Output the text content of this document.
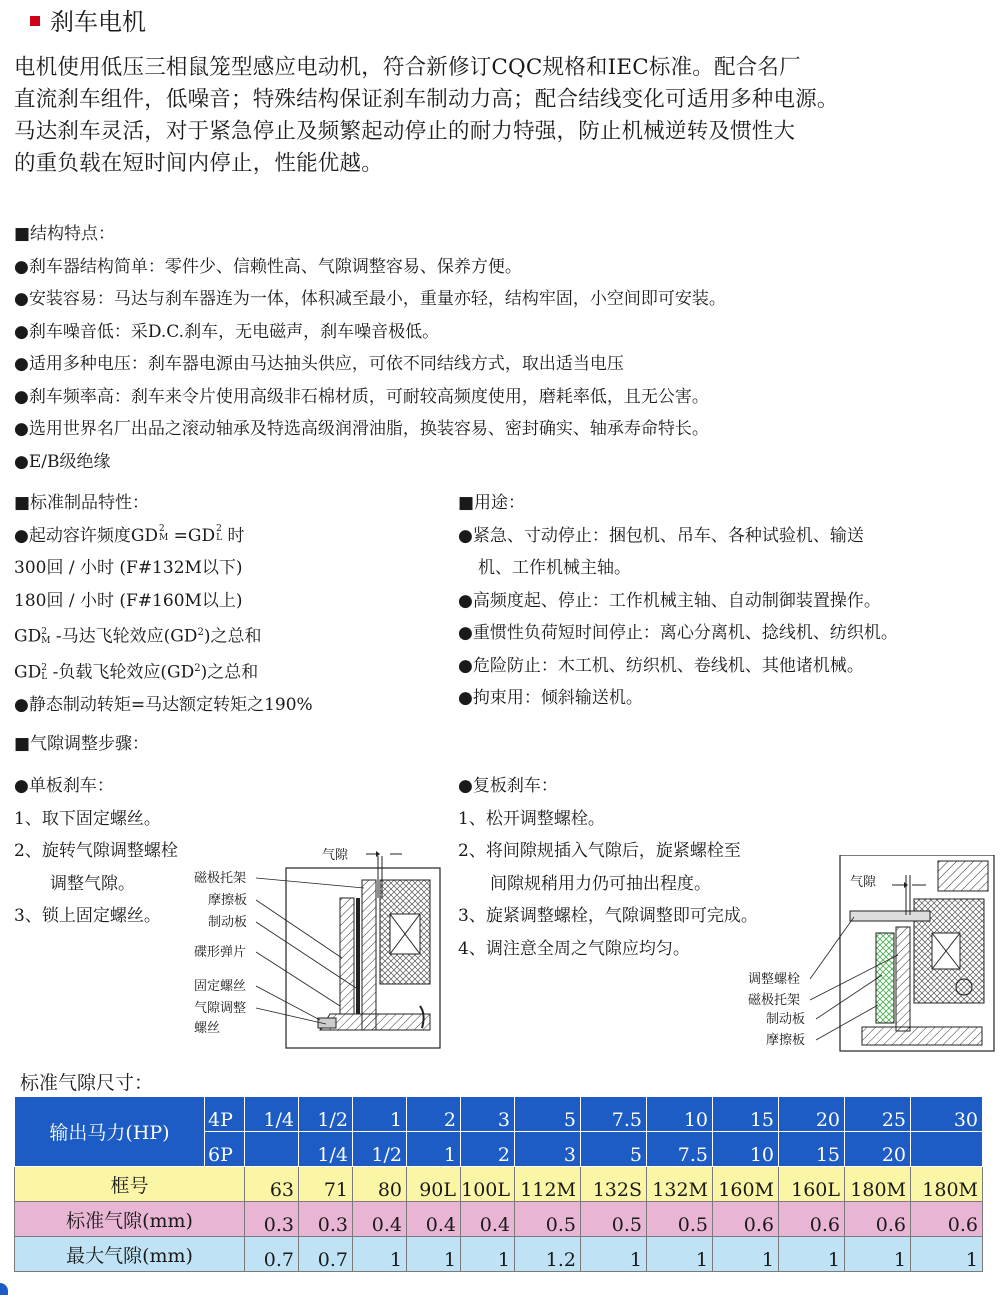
刹车电机
电机使用低压三相鼠笼型感应电动机，符合新修订CQC规格和IEC标准。配合名厂
直流刹车组件，低噪音；特殊结构保证刹车制动力高；配合结线变化可适用多种电源。
马达刹车灵活，对于紧急停止及频繁起动停止的耐力特强，防止机械逆转及惯性大
的重负载在短时间内停止，性能优越。
■结构特点：
●刹车器结构简单：零件少、信赖性高、气隙调整容易、保养方便。
●安装容易：马达与刹车器连为一体，体积减至最小，重量亦轻，结构牢固，小空间即可安装。
●刹车噪音低：采D.C.刹车，无电磁声，刹车噪音极低。
●适用多种电压：刹车器电源由马达抽头供应，可依不同结线方式，取出适当电压
●刹车频率高：刹车来令片使用高级非石棉材质，可耐较高频度使用，磨耗率低，且无公害。
●选用世界名厂出品之滚动轴承及特选高级润滑油脂，换装容易、密封确实、轴承寿命特长。
●E/B级绝缘
■标准制品特性：
●起动容许频度GD 2
M =GD 2
L 时
300回 / 小时 (F#132M以下)
180回 / 小时 (F#160M以上)
GD 2
M -马达飞轮效应$(GD^2)$之总和
GD 2
L -负载飞轮效应$(GD^2)$之总和
●静态制动转矩=马达额定转矩之190%
■用途：
●紧急、寸动停止：捆包机、吊车、各种试验机、输送
机、工作机械主轴。
●高频度起、停止：工作机械主轴、自动制御装置操作。
●重惯性负荷短时间停止：离心分离机、捻线机、纺织机。
●危险防止：木工机、纺织机、卷线机、其他诸机械。
●拘束用：倾斜输送机。
■气隙调整步骤：
●单板刹车：
1、取下固定螺丝。
2、旋转气隙调整螺栓
调整气隙。
3、锁上固定螺丝。
●复板刹车：
1、松开调整螺栓。
2、将间隙规插入气隙后，旋紧螺栓至
间隙规稍用力仍可抽出程度。
3、旋紧调整螺栓，气隙调整即可完成。
4、调注意全周之气隙应均匀。
气隙
磁极托架
摩擦板
制动板
碟形弹片
固定螺丝
气隙调整
螺丝
气隙
调整螺栓
磁极托架
制动板
摩擦板
标准气隙尺寸：
输出马力(HP)	4P	1/4	1/2	1	2	3	5	7.5	10	15	20	25	30
	6P		1/4	1/2	1	2	3	5	7.5	10	15	20	
框号		63	71	80	90L	100L	112M	132S	132M	160M	160L	180M	180M
标准气隙(mm)		0.3	0.3	0.4	0.4	0.4	0.5	0.5	0.5	0.6	0.6	0.6	0.6
最大气隙(mm)		0.7	0.7	1	1	1	1.2	1	1	1	1	1	1
